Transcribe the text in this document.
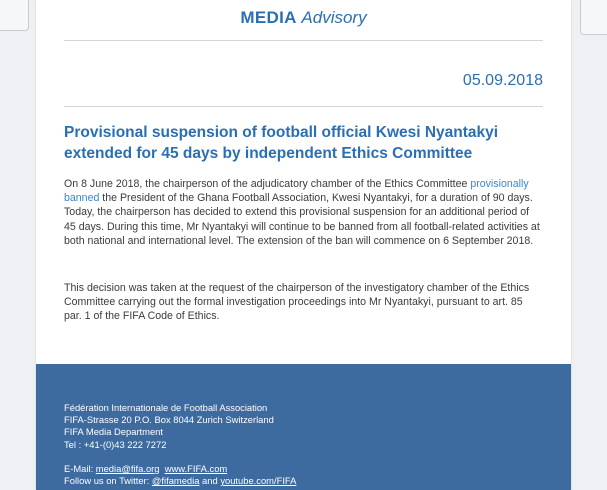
MEDIA Advisory
05.09.2018
Provisional suspension of football official Kwesi Nyantakyi extended for 45 days by independent Ethics Committee
On 8 June 2018, the chairperson of the adjudicatory chamber of the Ethics Committee provisionally banned the President of the Ghana Football Association, Kwesi Nyantakyi, for a duration of 90 days. Today, the chairperson has decided to extend this provisional suspension for an additional period of 45 days. During this time, Mr Nyantakyi will continue to be banned from all football-related activities at both national and international level. The extension of the ban will commence on 6 September 2018.
This decision was taken at the request of the chairperson of the investigatory chamber of the Ethics Committee carrying out the formal investigation proceedings into Mr Nyantakyi, pursuant to art. 85 par. 1 of the FIFA Code of Ethics.
Fédération Internationale de Football Association
FIFA-Strasse 20 P.O. Box 8044 Zurich Switzerland
FIFA Media Department
Tel : +41-(0)43 222 7272
E-Mail: media@fifa.org www.FIFA.com
Follow us on Twitter: @fifamedia and youtube.com/FIFA
